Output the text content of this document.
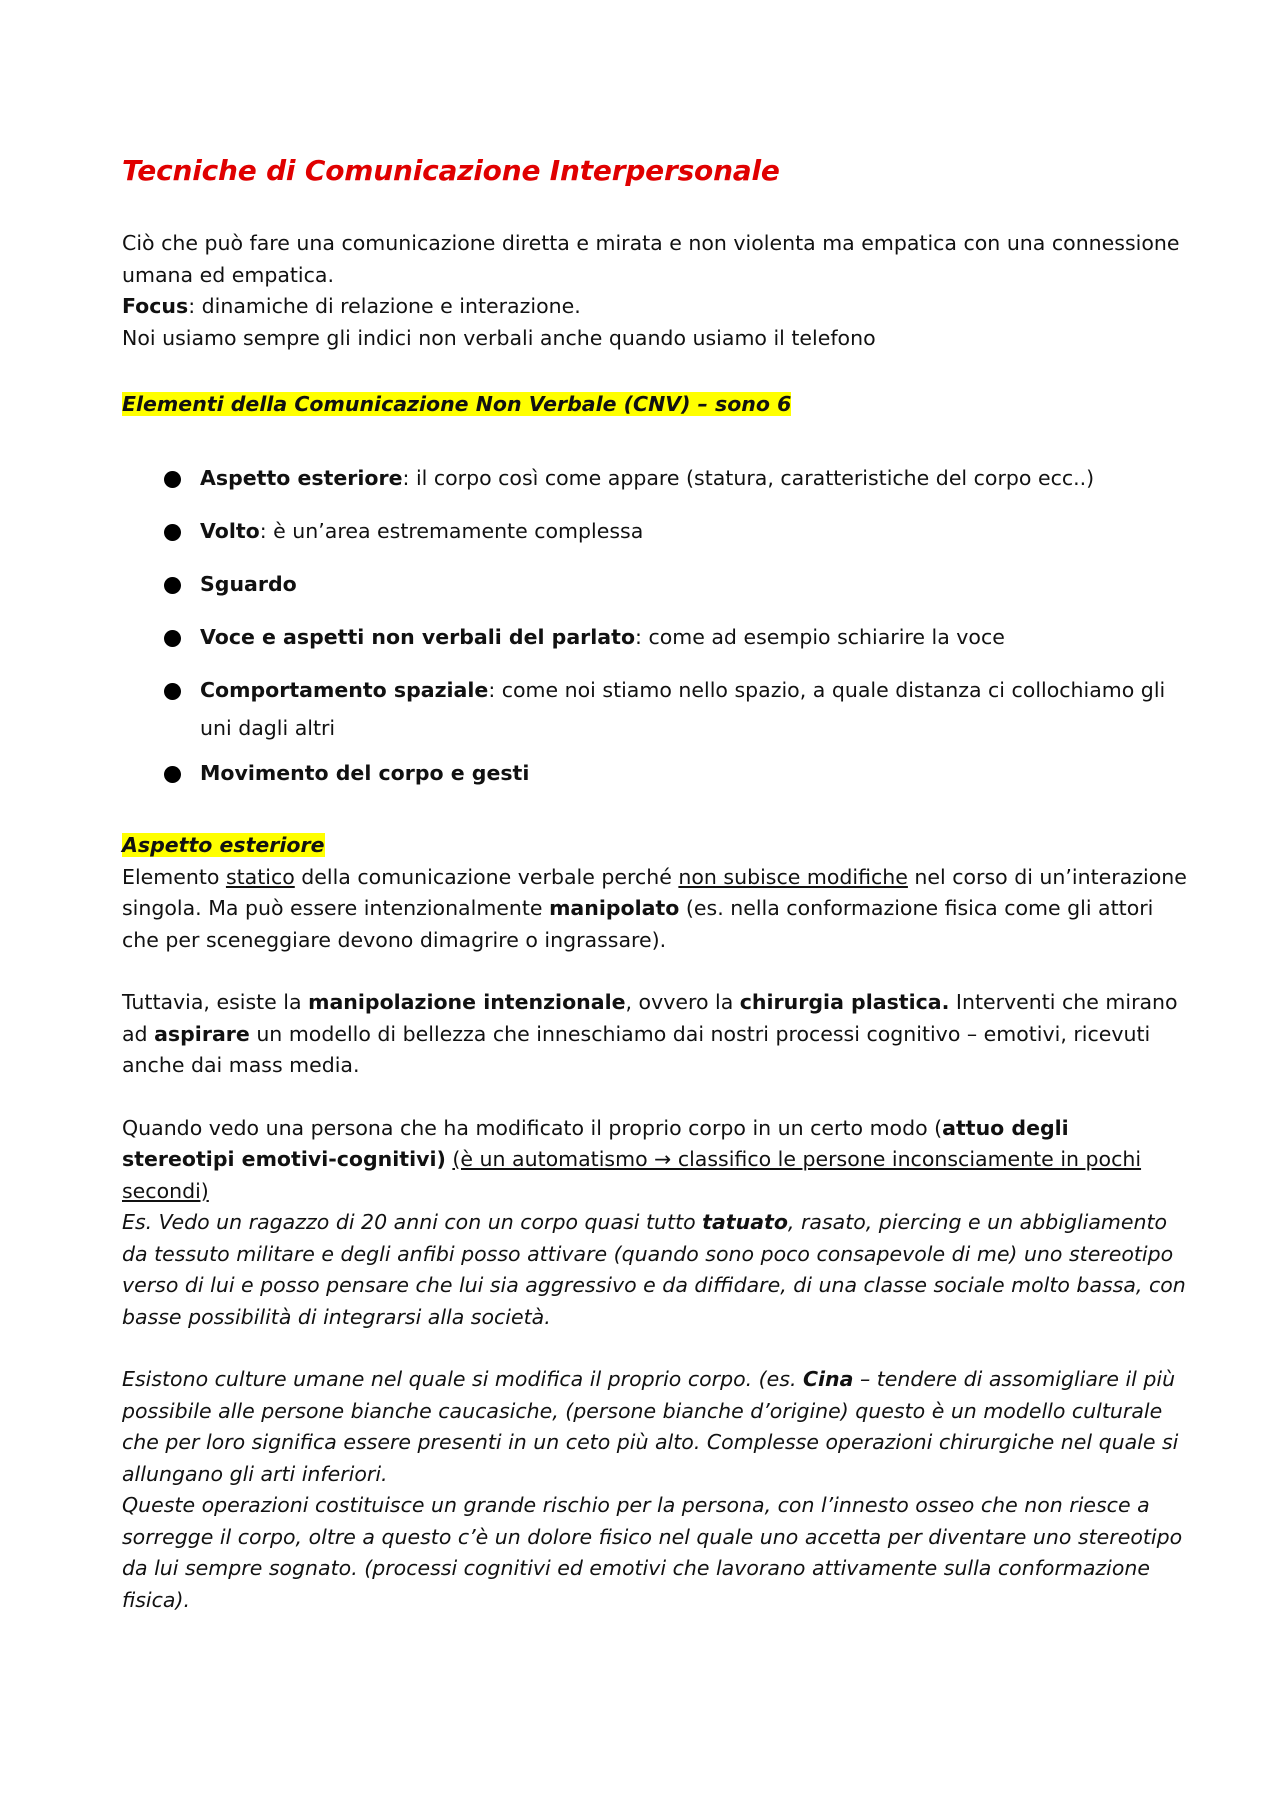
Tecniche di Comunicazione Interpersonale

Ciò che può fare una comunicazione diretta e mirata e non violenta ma empatica con una connessione umana ed empatica.

Focus: dinamiche di relazione e interazione.

Noi usiamo sempre gli indici non verbali anche quando usiamo il telefono

Elementi della Comunicazione Non Verbale (CNV) – sono 6

Aspetto esteriore: il corpo così come appare (statura, caratteristiche del corpo ecc..)
Volto: è un’area estremamente complessa
Sguardo
Voce e aspetti non verbali del parlato: come ad esempio schiarire la voce
Comportamento spaziale: come noi stiamo nello spazio, a quale distanza ci collochiamo gli uni dagli altri
Movimento del corpo e gesti

Aspetto esteriore

Elemento statico della comunicazione verbale perché non subisce modifiche nel corso di un’interazione singola. Ma può essere intenzionalmente manipolato (es. nella conformazione fisica come gli attori che per sceneggiare devono dimagrire o ingrassare).

Tuttavia, esiste la manipolazione intenzionale, ovvero la chirurgia plastica. Interventi che mirano ad aspirare un modello di bellezza che inneschiamo dai nostri processi cognitivo – emotivi, ricevuti anche dai mass media.

Quando vedo una persona che ha modificato il proprio corpo in un certo modo (attuo degli stereotipi emotivi-cognitivi) (è un automatismo → classifico le persone inconsciamente in pochi secondi)

Es. Vedo un ragazzo di 20 anni con un corpo quasi tutto tatuato, rasato, piercing e un abbigliamento da tessuto militare e degli anfibi posso attivare (quando sono poco consapevole di me) uno stereotipo verso di lui e posso pensare che lui sia aggressivo e da diffidare, di una classe sociale molto bassa, con basse possibilità di integrarsi alla società.

Esistono culture umane nel quale si modifica il proprio corpo. (es. Cina – tendere di assomigliare il più possibile alle persone bianche caucasiche, (persone bianche d’origine) questo è un modello culturale che per loro significa essere presenti in un ceto più alto. Complesse operazioni chirurgiche nel quale si allungano gli arti inferiori.

Queste operazioni costituisce un grande rischio per la persona, con l’innesto osseo che non riesce a sorregge il corpo, oltre a questo c’è un dolore fisico nel quale uno accetta per diventare uno stereotipo da lui sempre sognato. (processi cognitivi ed emotivi che lavorano attivamente sulla conformazione fisica).
